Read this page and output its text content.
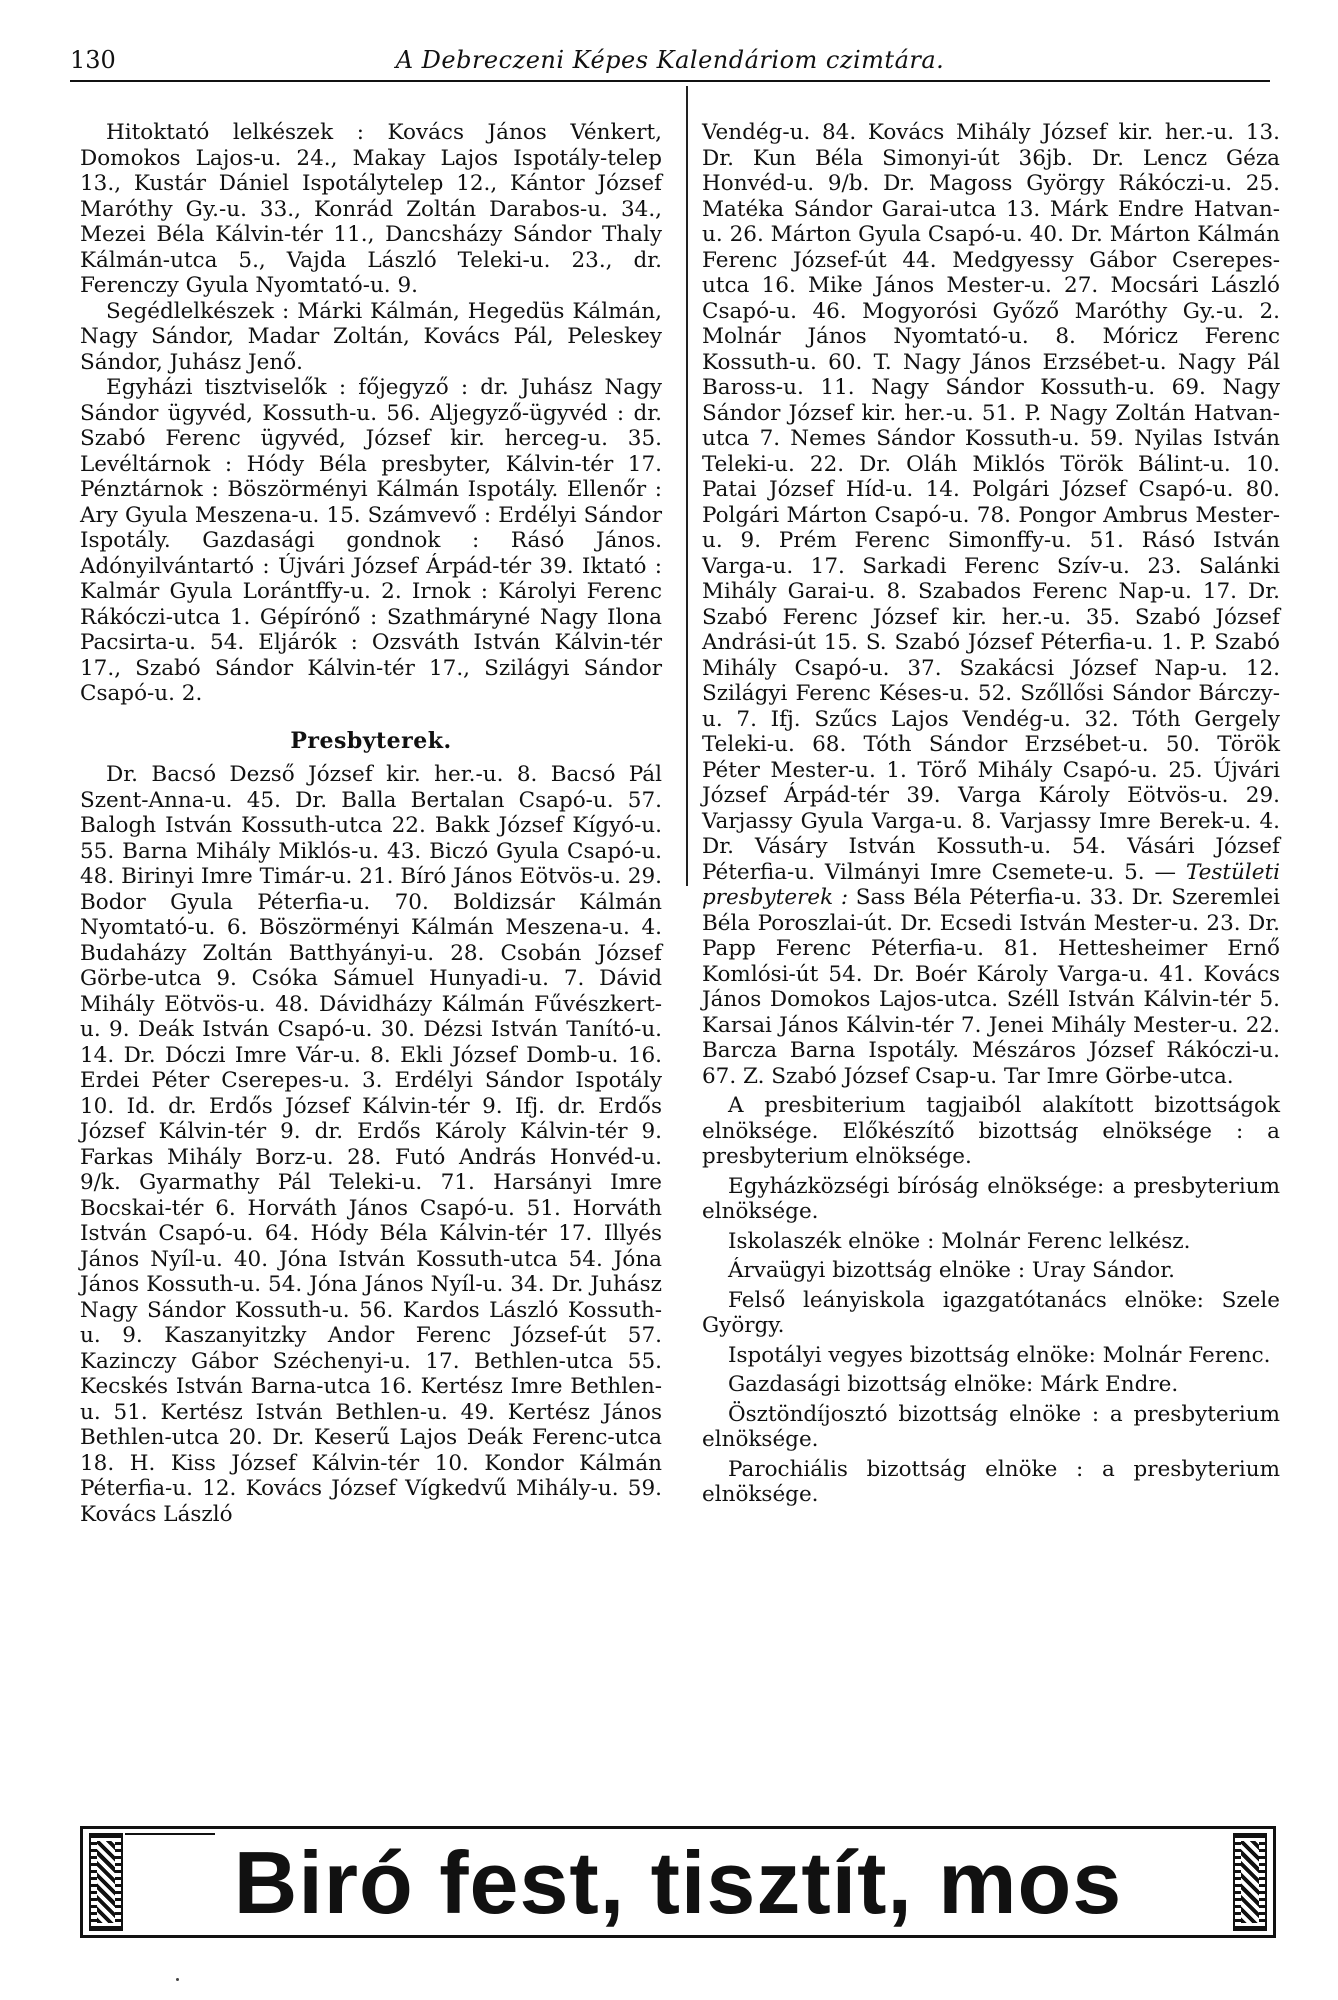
130	A Debreczeni Képes Kalendáriom czimtára.

Hitoktató lelkészek : Kovács János Vénkert, Domokos Lajos-u. 24., Makay Lajos Ispotály-telep 13., Kustár Dániel Ispotálytelep 12., Kántor József Maróthy Gy.-u. 33., Konrád Zoltán Darabos-u. 34., Mezei Béla Kálvin-tér 11., Dancsházy Sándor Thaly Kálmán-utca 5., Vajda László Teleki-u. 23., dr. Ferenczy Gyula Nyomtató-u. 9.

Segédlelkészek : Márki Kálmán, Hegedüs Kálmán, Nagy Sándor, Madar Zoltán, Kovács Pál, Peleskey Sándor, Juhász Jenő.

Egyházi tisztviselők : főjegyző : dr. Juhász Nagy Sándor ügyvéd, Kossuth-u. 56. Aljegyző-ügyvéd : dr. Szabó Ferenc ügyvéd, József kir. herceg-u. 35. Levéltárnok : Hódy Béla presbyter, Kálvin-tér 17. Pénztárnok : Böszörményi Kálmán Ispotály. Ellenőr : Ary Gyula Meszena-u. 15. Számvevő : Erdélyi Sándor Ispotály. Gazdasági gondnok : Rásó János. Adónyilvántartó : Újvári József Árpád-tér 39. Iktató : Kalmár Gyula Lorántffy-u. 2. Irnok : Károlyi Ferenc Rákóczi-utca 1. Gépírónő : Szathmáryné Nagy Ilona Pacsirta-u. 54. Eljárók : Ozsváth István Kálvin-tér 17., Szabó Sándor Kálvin-tér 17., Szilágyi Sándor Csapó-u. 2.

Presbyterek.

Dr. Bacsó Dezső József kir. her.-u. 8. Bacsó Pál Szent-Anna-u. 45. Dr. Balla Bertalan Csapó-u. 57. Balogh István Kossuth-utca 22. Bakk József Kígyó-u. 55. Barna Mihály Miklós-u. 43. Biczó Gyula Csapó-u. 48. Birinyi Imre Timár-u. 21. Bíró János Eötvös-u. 29. Bodor Gyula Péterfia-u. 70. Boldizsár Kálmán Nyomtató-u. 6. Böszörményi Kálmán Meszena-u. 4. Budaházy Zoltán Batthyányi-u. 28. Csobán József Görbe-utca 9. Csóka Sámuel Hunyadi-u. 7. Dávid Mihály Eötvös-u. 48. Dávidházy Kálmán Fűvészkert-u. 9. Deák István Csapó-u. 30. Dézsi István Tanító-u. 14. Dr. Dóczi Imre Vár-u. 8. Ekli József Domb-u. 16. Erdei Péter Cserepes-u. 3. Erdélyi Sándor Ispotály 10. Id. dr. Erdős József Kálvin-tér 9. Ifj. dr. Erdős József Kálvin-tér 9. dr. Erdős Károly Kálvin-tér 9. Farkas Mihály Borz-u. 28. Futó András Honvéd-u. 9/k. Gyarmathy Pál Teleki-u. 71. Harsányi Imre Bocskai-tér 6. Horváth János Csapó-u. 51. Horváth István Csapó-u. 64. Hódy Béla Kálvin-tér 17. Illyés János Nyíl-u. 40. Jóna István Kossuth-utca 54. Jóna János Kossuth-u. 54. Jóna János Nyíl-u. 34. Dr. Juhász Nagy Sándor Kossuth-u. 56. Kardos László Kossuth-u. 9. Kaszanyitzky Andor Ferenc József-út 57. Kazinczy Gábor Széchenyi-u. 17. Bethlen-utca 55. Kecskés István Barna-utca 16. Kertész Imre Bethlen-u. 51. Kertész István Bethlen-u. 49. Kertész János Bethlen-utca 20. Dr. Keserű Lajos Deák Ferenc-utca 18. H. Kiss József Kálvin-tér 10. Kondor Kálmán Péterfia-u. 12. Kovács József Vígkedvű Mihály-u. 59. Kovács László

Vendég-u. 84. Kovács Mihály József kir. her.-u. 13. Dr. Kun Béla Simonyi-út 36jb. Dr. Lencz Géza Honvéd-u. 9/b. Dr. Magoss György Rákóczi-u. 25. Matéka Sándor Garai-utca 13. Márk Endre Hatvan-u. 26. Márton Gyula Csapó-u. 40. Dr. Márton Kálmán Ferenc József-út 44. Medgyessy Gábor Cserepes-utca 16. Mike János Mester-u. 27. Mocsári László Csapó-u. 46. Mogyorósi Győző Maróthy Gy.-u. 2. Molnár János Nyomtató-u. 8. Móricz Ferenc Kossuth-u. 60. T. Nagy János Erzsébet-u. Nagy Pál Baross-u. 11. Nagy Sándor Kossuth-u. 69. Nagy Sándor József kir. her.-u. 51. P. Nagy Zoltán Hatvan-utca 7. Nemes Sándor Kossuth-u. 59. Nyilas István Teleki-u. 22. Dr. Oláh Miklós Török Bálint-u. 10. Patai József Híd-u. 14. Polgári József Csapó-u. 80. Polgári Márton Csapó-u. 78. Pongor Ambrus Mester-u. 9. Prém Ferenc Simonffy-u. 51. Rásó István Varga-u. 17. Sarkadi Ferenc Szív-u. 23. Salánki Mihály Garai-u. 8. Szabados Ferenc Nap-u. 17. Dr. Szabó Ferenc József kir. her.-u. 35. Szabó József Andrási-út 15. S. Szabó József Péterfia-u. 1. P. Szabó Mihály Csapó-u. 37. Szakácsi József Nap-u. 12. Szilágyi Ferenc Késes-u. 52. Szőllősi Sándor Bárczy-u. 7. Ifj. Szűcs Lajos Vendég-u. 32. Tóth Gergely Teleki-u. 68. Tóth Sándor Erzsébet-u. 50. Török Péter Mester-u. 1. Törő Mihály Csapó-u. 25. Újvári József Árpád-tér 39. Varga Károly Eötvös-u. 29. Varjassy Gyula Varga-u. 8. Varjassy Imre Berek-u. 4. Dr. Vásáry István Kossuth-u. 54. Vásári József Péterfia-u. Vilmányi Imre Csemete-u. 5. — Testületi presbyterek : Sass Béla Péterfia-u. 33. Dr. Szeremlei Béla Poroszlai-út. Dr. Ecsedi István Mester-u. 23. Dr. Papp Ferenc Péterfia-u. 81. Hettesheimer Ernő Komlósi-út 54. Dr. Boér Károly Varga-u. 41. Kovács János Domokos Lajos-utca. Széll István Kálvin-tér 5. Karsai János Kálvin-tér 7. Jenei Mihály Mester-u. 22. Barcza Barna Ispotály. Mészáros József Rákóczi-u. 67. Z. Szabó József Csap-u. Tar Imre Görbe-utca.

A presbiterium tagjaiból alakított bizottságok elnöksége. Előkészítő bizottság elnöksége : a presbyterium elnöksége.

Egyházközségi bíróság elnöksége: a presbyterium elnöksége.

Iskolaszék elnöke : Molnár Ferenc lelkész.

Árvaügyi bizottság elnöke : Uray Sándor.

Felső leányiskola igazgatótanács elnöke: Szele György.

Ispotályi vegyes bizottság elnöke: Molnár Ferenc.

Gazdasági bizottság elnöke: Márk Endre.

Ösztöndíjosztó bizottság elnöke : a presbyterium elnöksége.

Parochiális bizottság elnöke : a presbyterium elnöksége.

Biró fest, tisztít, mos
